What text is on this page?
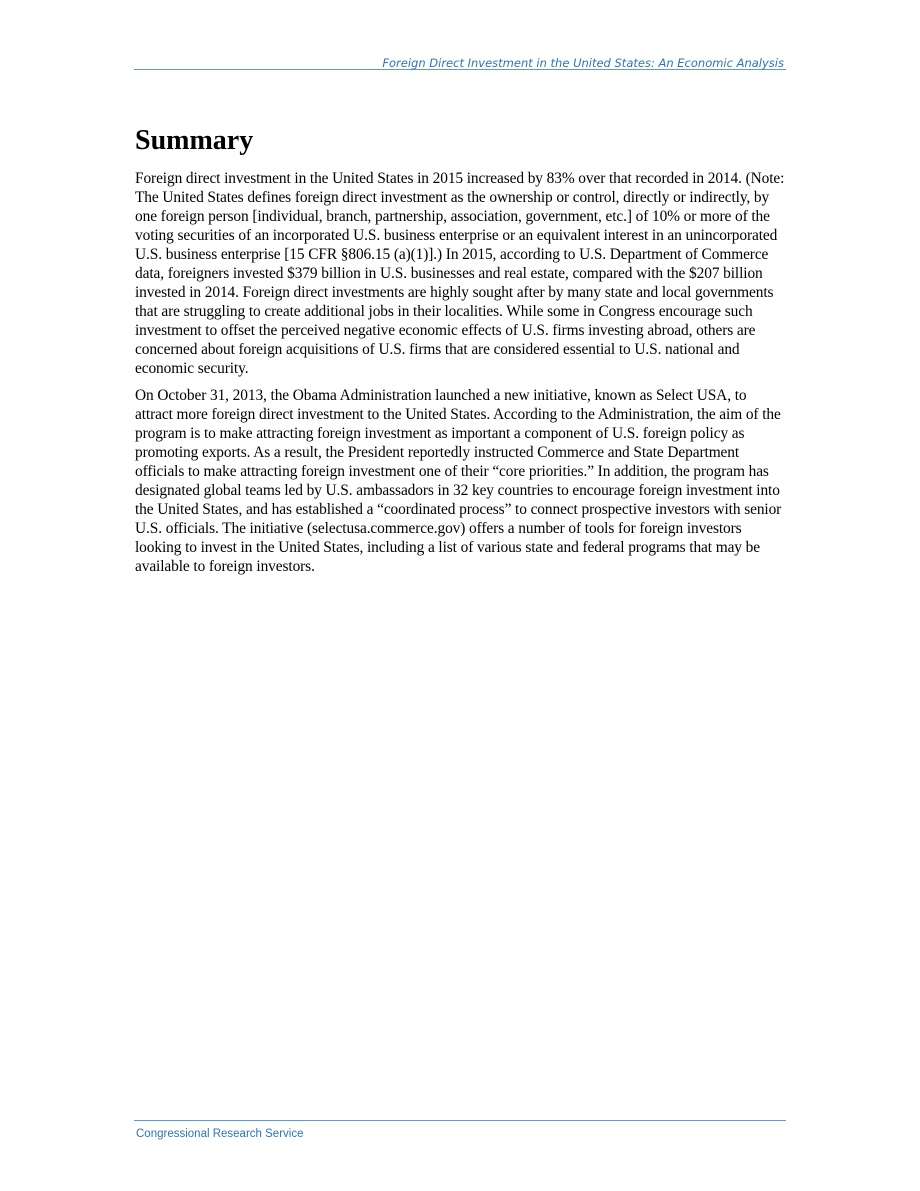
Foreign Direct Investment in the United States: An Economic Analysis
Summary

Foreign direct investment in the United States in 2015 increased by 83% over that recorded in 2014. (Note: The United States defines foreign direct investment as the ownership or control, directly or indirectly, by one foreign person [individual, branch, partnership, association, government, etc.] of 10% or more of the voting securities of an incorporated U.S. business enterprise or an equivalent interest in an unincorporated U.S. business enterprise [15 CFR §806.15 (a)(1)].) In 2015, according to U.S. Department of Commerce data, foreigners invested $379 billion in U.S. businesses and real estate, compared with the $207 billion invested in 2014. Foreign direct investments are highly sought after by many state and local governments that are struggling to create additional jobs in their localities. While some in Congress encourage such investment to offset the perceived negative economic effects of U.S. firms investing abroad, others are concerned about foreign acquisitions of U.S. firms that are considered essential to U.S. national and economic security.

On October 31, 2013, the Obama Administration launched a new initiative, known as Select USA, to attract more foreign direct investment to the United States. According to the Administration, the aim of the program is to make attracting foreign investment as important a component of U.S. foreign policy as promoting exports. As a result, the President reportedly instructed Commerce and State Department officials to make attracting foreign investment one of their “core priorities.” In addition, the program has designated global teams led by U.S. ambassadors in 32 key countries to encourage foreign investment into the United States, and has established a “coordinated process” to connect prospective investors with senior U.S. officials. The initiative (selectusa.commerce.gov) offers a number of tools for foreign investors looking to invest in the United States, including a list of various state and federal programs that may be available to foreign investors.

Congressional Research Service
